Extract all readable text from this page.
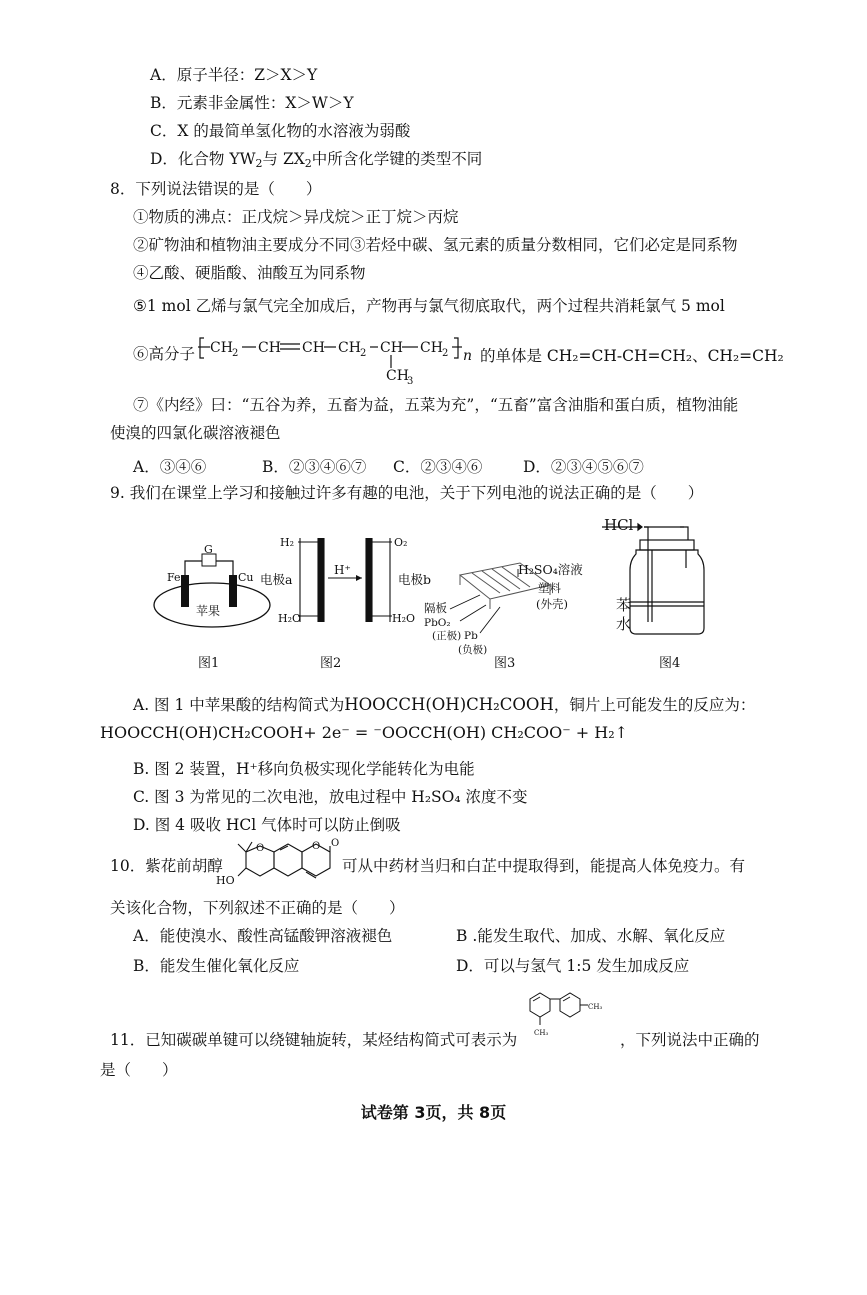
A．原子半径：Z＞X＞Y
B．元素非金属性：X＞W＞Y
C．X 的最简单氢化物的水溶液为弱酸
D．化合物 $YW_2$与 $ZX_2$中所含化学键的类型不同
8．下列说法错误的是（　　）
①物质的沸点：正戊烷＞异戊烷＞正丁烷＞丙烷
②矿物油和植物油主要成分不同③若烃中碳、氢元素的质量分数相同，它们必定是同系物
④乙酸、硬脂酸、油酸互为同系物
⑤1 mol 乙烯与氯气完全加成后，产物再与氯气彻底取代，两个过程共消耗氯气 5 mol
⑥高分子 CH 2 CH CH CH 2 CH CH 2
CH
3
n 的单体是 CH₂=CH-CH=CH₂、CH₂=CH₂
⑦《内经》曰：“五谷为养，五畜为益，五菜为充”，“五畜”富含油脂和蛋白质，植物油能
使溴的四氯化碳溶液褪色
A．③④⑥	B．②③④⑥⑦ C．②③④⑥	D．②③④⑤⑥⑦
9. 我们在课堂上学习和接触过许多有趣的电池，关于下列电池的说法正确的是（　　）
G
Fe	Cu
苹果
图1
H₂	O₂
H⁺
H₂O	H₂O
电极a	电极b
图2
H₂SO₄溶液
塑料
(外壳)
隔板
PbO₂
(正极) Pb
(负极)
图3
HCl
苯
水
图4
A. 图 1 中苹果酸的结构简式为HOOCCH(OH)CH₂COOH，铜片上可能发生的反应为：
HOOCCH(OH)CH₂COOH+ 2e⁻ = ⁻OOCCH(OH) CH₂COO⁻ + H₂↑
B. 图 2 装置，H⁺移向负极实现化学能转化为电能
C. 图 3 为常见的二次电池，放电过程中 H₂SO₄ 浓度不变
D. 图 4 吸收 HCl 气体时可以防止倒吸
10．紫花前胡醇
O	O O
HO
可从中药材当归和白芷中提取得到，能提高人体免疫力。有
关该化合物，下列叙述不正确的是（　　）
A．能使溴水、酸性高锰酸钾溶液褪色	B .能发生取代、加成、水解、氧化反应
B．能发生催化氧化反应	D．可以与氢气 1:5 发生加成反应
CH₃
CH₃
11．已知碳碳单键可以绕键轴旋转，某烃结构简式可表示为	，下列说法中正确的
是（　　）
试卷第 3页，共 8页
